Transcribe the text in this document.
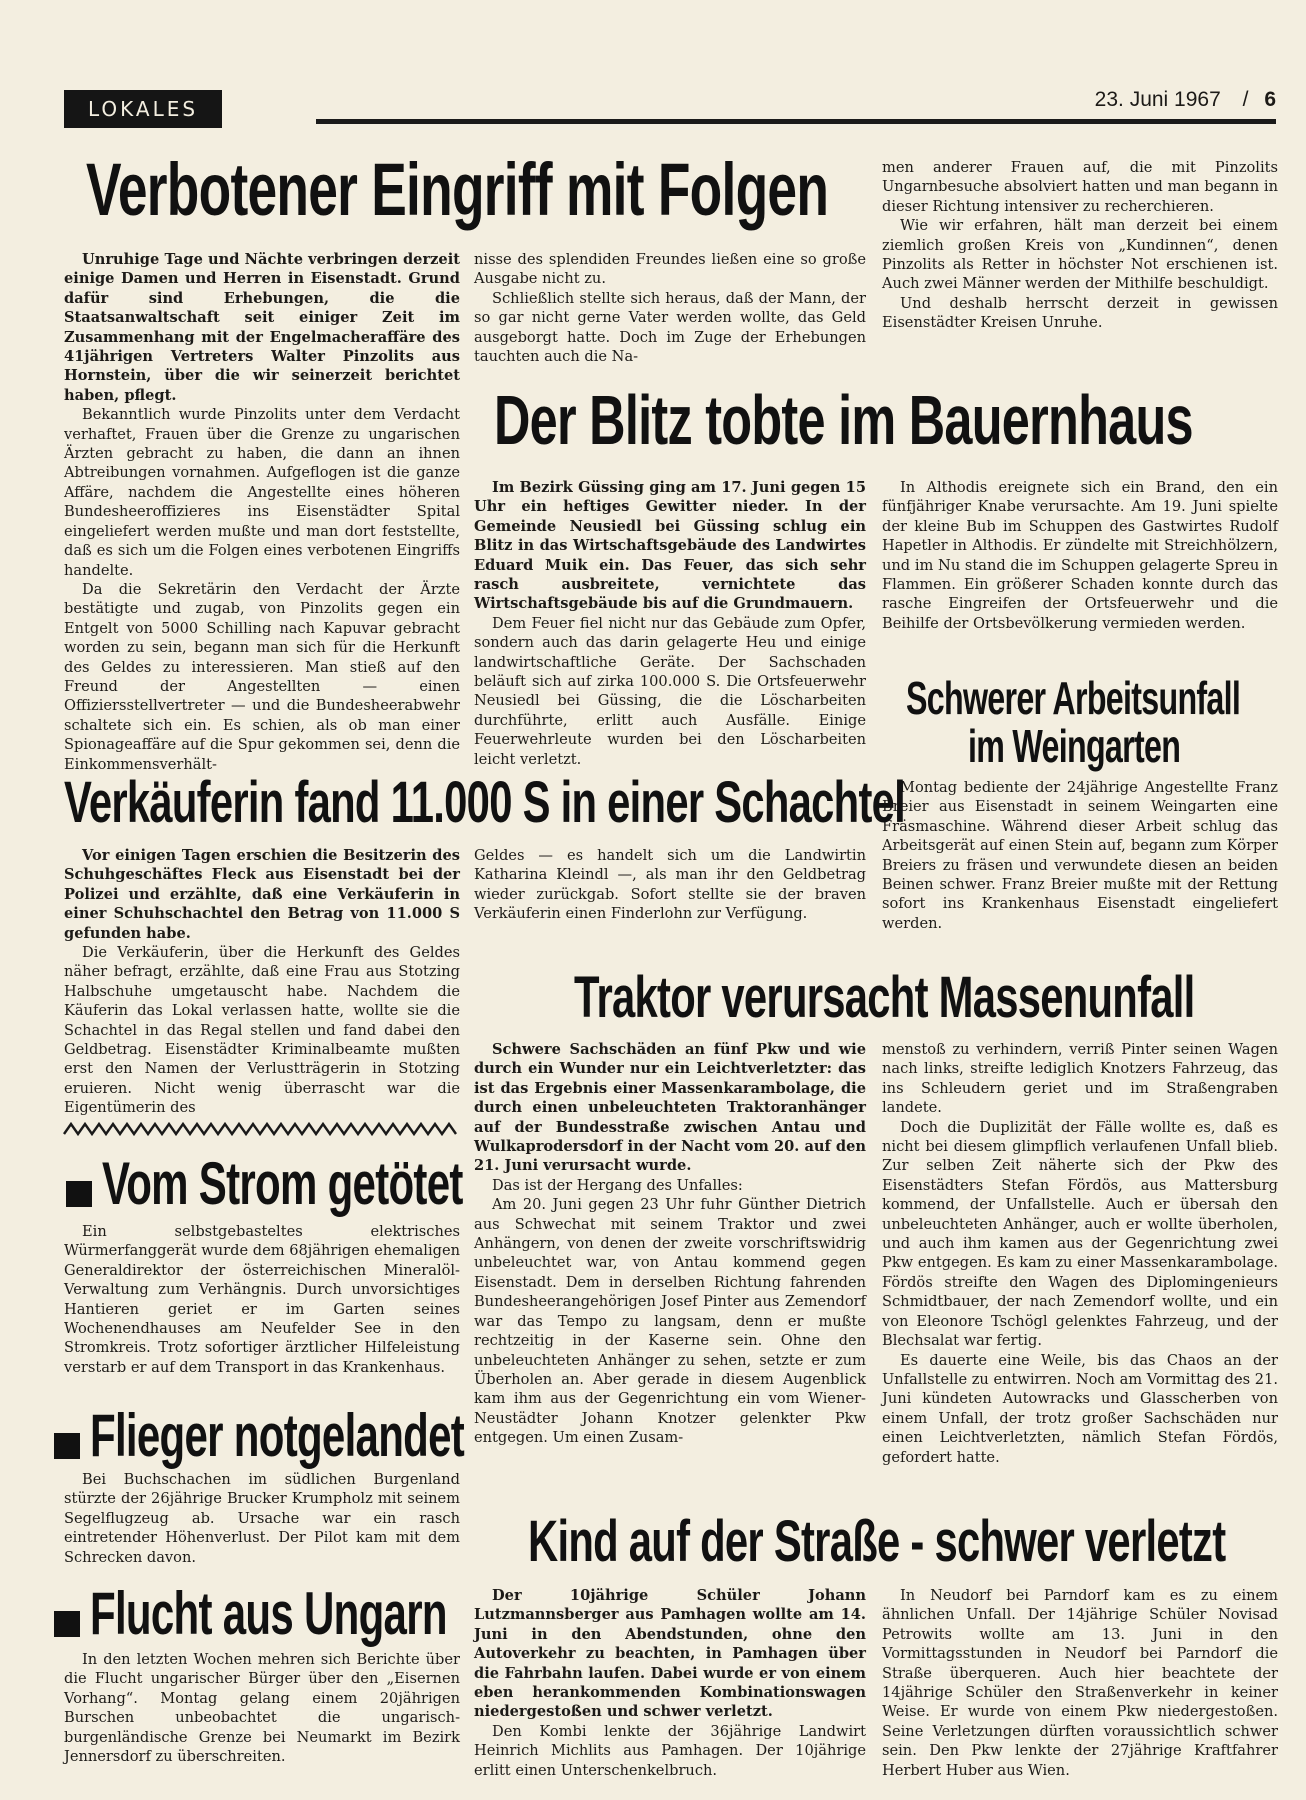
LOKALES	23. Juni 1967 / 6
Verbotener Eingriff mit Folgen

Unruhige Tage und Nächte verbringen derzeit einige Damen und Herren in Eisenstadt. Grund dafür sind Erhebungen, die die Staatsanwaltschaft seit einiger Zeit im Zusammenhang mit der Engelmacheraffäre des 41jährigen Vertreters Walter Pinzolits aus Hornstein, über die wir seinerzeit berichtet haben, pflegt.

Bekanntlich wurde Pinzolits unter dem Verdacht verhaftet, Frauen über die Grenze zu ungarischen Ärzten gebracht zu haben, die dann an ihnen Abtreibungen vornahmen. Aufgeflogen ist die ganze Affäre, nachdem die Angestellte eines höheren Bundesheeroffizieres ins Eisenstädter Spital eingeliefert werden mußte und man dort feststellte, daß es sich um die Folgen eines verbotenen Eingriffs handelte.

Da die Sekretärin den Verdacht der Ärzte bestätigte und zugab, von Pinzolits gegen ein Entgelt von 5000 Schilling nach Kapuvar gebracht worden zu sein, begann man sich für die Herkunft des Geldes zu interessieren. Man stieß auf den Freund der Angestellten — einen Offiziersstellvertreter — und die Bundesheerabwehr schaltete sich ein. Es schien, als ob man einer Spionageaffäre auf die Spur gekommen sei, denn die Einkommensverhält-

nisse des splendiden Freundes ließen eine so große Ausgabe nicht zu.

Schließlich stellte sich heraus, daß der Mann, der so gar nicht gerne Vater werden wollte, das Geld ausgeborgt hatte. Doch im Zuge der Erhebungen tauchten auch die Na-

men anderer Frauen auf, die mit Pinzolits Ungarnbesuche absolviert hatten und man begann in dieser Richtung intensiver zu recherchieren.

Wie wir erfahren, hält man derzeit bei einem ziemlich großen Kreis von „Kundinnen“, denen Pinzolits als Retter in höchster Not erschienen ist. Auch zwei Männer werden der Mithilfe beschuldigt.

Und deshalb herrscht derzeit in gewissen Eisenstädter Kreisen Unruhe.

Der Blitz tobte im Bauernhaus

Im Bezirk Güssing ging am 17. Juni gegen 15 Uhr ein heftiges Gewitter nieder. In der Gemeinde Neusiedl bei Güssing schlug ein Blitz in das Wirtschaftsgebäude des Landwirtes Eduard Muik ein. Das Feuer, das sich sehr rasch ausbreitete, vernichtete das Wirtschaftsgebäude bis auf die Grundmauern.

Dem Feuer fiel nicht nur das Gebäude zum Opfer, sondern auch das darin gelagerte Heu und einige landwirtschaftliche Geräte. Der Sachschaden beläuft sich auf zirka 100.000 S. Die Ortsfeuerwehr Neusiedl bei Güssing, die die Löscharbeiten durchführte, erlitt auch Ausfälle. Einige Feuerwehrleute wurden bei den Löscharbeiten leicht verletzt.

In Althodis ereignete sich ein Brand, den ein fünfjähriger Knabe verursachte. Am 19. Juni spielte der kleine Bub im Schuppen des Gastwirtes Rudolf Hapetler in Althodis. Er zündelte mit Streichhölzern, und im Nu stand die im Schuppen gelagerte Spreu in Flammen. Ein größerer Schaden konnte durch das rasche Eingreifen der Ortsfeuerwehr und die Beihilfe der Ortsbevölkerung vermieden werden.

Schwerer Arbeitsunfall
im Weingarten

Montag bediente der 24jährige Angestellte Franz Breier aus Eisenstadt in seinem Weingarten eine Fräsmaschine. Während dieser Arbeit schlug das Arbeitsgerät auf einen Stein auf, begann zum Körper Breiers zu fräsen und verwundete diesen an beiden Beinen schwer. Franz Breier mußte mit der Rettung sofort ins Krankenhaus Eisenstadt eingeliefert werden.

Verkäuferin fand 11.000 S in einer Schachtel

Vor einigen Tagen erschien die Besitzerin des Schuhgeschäftes Fleck aus Eisenstadt bei der Polizei und erzählte, daß eine Verkäuferin in einer Schuhschachtel den Betrag von 11.000 S gefunden habe.

Die Verkäuferin, über die Herkunft des Geldes näher befragt, erzählte, daß eine Frau aus Stotzing Halbschuhe umgetauscht habe. Nachdem die Käuferin das Lokal verlassen hatte, wollte sie die Schachtel in das Regal stellen und fand dabei den Geldbetrag. Eisenstädter Kriminalbeamte mußten erst den Namen der Verlustträgerin in Stotzing eruieren. Nicht wenig überrascht war die Eigentümerin des

Geldes — es handelt sich um die Landwirtin Katharina Kleindl —, als man ihr den Geldbetrag wieder zurückgab. Sofort stellte sie der braven Verkäuferin einen Finderlohn zur Verfügung.

Vom Strom getötet

Ein selbstgebasteltes elektrisches Würmerfanggerät wurde dem 68jährigen ehemaligen Generaldirektor der österreichischen Mineralöl-Verwaltung zum Verhängnis. Durch unvorsichtiges Hantieren geriet er im Garten seines Wochenendhauses am Neufelder See in den Stromkreis. Trotz sofortiger ärztlicher Hilfeleistung verstarb er auf dem Transport in das Krankenhaus.

Flieger notgelandet

Bei Buchschachen im südlichen Burgenland stürzte der 26jährige Brucker Krumpholz mit seinem Segelflugzeug ab. Ursache war ein rasch eintretender Höhenverlust. Der Pilot kam mit dem Schrecken davon.

Flucht aus Ungarn

In den letzten Wochen mehren sich Berichte über die Flucht ungarischer Bürger über den „Eisernen Vorhang“. Montag gelang einem 20jährigen Burschen unbeobachtet die ungarisch-burgenländische Grenze bei Neumarkt im Bezirk Jennersdorf zu überschreiten.

Traktor verursacht Massenunfall

Schwere Sachschäden an fünf Pkw und wie durch ein Wunder nur ein Leichtverletzter: das ist das Ergebnis einer Massenkarambolage, die durch einen unbeleuchteten Traktoranhänger auf der Bundesstraße zwischen Antau und Wulkaprodersdorf in der Nacht vom 20. auf den 21. Juni verursacht wurde.

Das ist der Hergang des Unfalles:

Am 20. Juni gegen 23 Uhr fuhr Günther Dietrich aus Schwechat mit seinem Traktor und zwei Anhängern, von denen der zweite vorschriftswidrig unbeleuchtet war, von Antau kommend gegen Eisenstadt. Dem in derselben Richtung fahrenden Bundesheerangehörigen Josef Pinter aus Zemendorf war das Tempo zu langsam, denn er mußte rechtzeitig in der Kaserne sein. Ohne den unbeleuchteten Anhänger zu sehen, setzte er zum Überholen an. Aber gerade in diesem Augenblick kam ihm aus der Gegenrichtung ein vom Wiener-Neustädter Johann Knotzer gelenkter Pkw entgegen. Um einen Zusam-

menstoß zu verhindern, verriß Pinter seinen Wagen nach links, streifte lediglich Knotzers Fahrzeug, das ins Schleudern geriet und im Straßengraben landete.

Doch die Duplizität der Fälle wollte es, daß es nicht bei diesem glimpflich verlaufenen Unfall blieb. Zur selben Zeit näherte sich der Pkw des Eisenstädters Stefan Fördös, aus Mattersburg kommend, der Unfallstelle. Auch er übersah den unbeleuchteten Anhänger, auch er wollte überholen, und auch ihm kamen aus der Gegenrichtung zwei Pkw entgegen. Es kam zu einer Massenkarambolage. Fördös streifte den Wagen des Diplomingenieurs Schmidtbauer, der nach Zemendorf wollte, und ein von Eleonore Tschögl gelenktes Fahrzeug, und der Blechsalat war fertig.

Es dauerte eine Weile, bis das Chaos an der Unfallstelle zu entwirren. Noch am Vormittag des 21. Juni kündeten Autowracks und Glasscherben von einem Unfall, der trotz großer Sachschäden nur einen Leichtverletzten, nämlich Stefan Fördös, gefordert hatte.

Kind auf der Straße - schwer verletzt

Der 10jährige Schüler Johann Lutzmannsberger aus Pamhagen wollte am 14. Juni in den Abendstunden, ohne den Autoverkehr zu beachten, in Pamhagen über die Fahrbahn laufen. Dabei wurde er von einem eben herankommenden Kombinationswagen niedergestoßen und schwer verletzt.

Den Kombi lenkte der 36jährige Landwirt Heinrich Michlits aus Pamhagen. Der 10jährige erlitt einen Unterschenkelbruch.

In Neudorf bei Parndorf kam es zu einem ähnlichen Unfall. Der 14jährige Schüler Novisad Petrowits wollte am 13. Juni in den Vormittagsstunden in Neudorf bei Parndorf die Straße überqueren. Auch hier beachtete der 14jährige Schüler den Straßenverkehr in keiner Weise. Er wurde von einem Pkw niedergestoßen. Seine Verletzungen dürften voraussichtlich schwer sein. Den Pkw lenkte der 27jährige Kraftfahrer Herbert Huber aus Wien.
